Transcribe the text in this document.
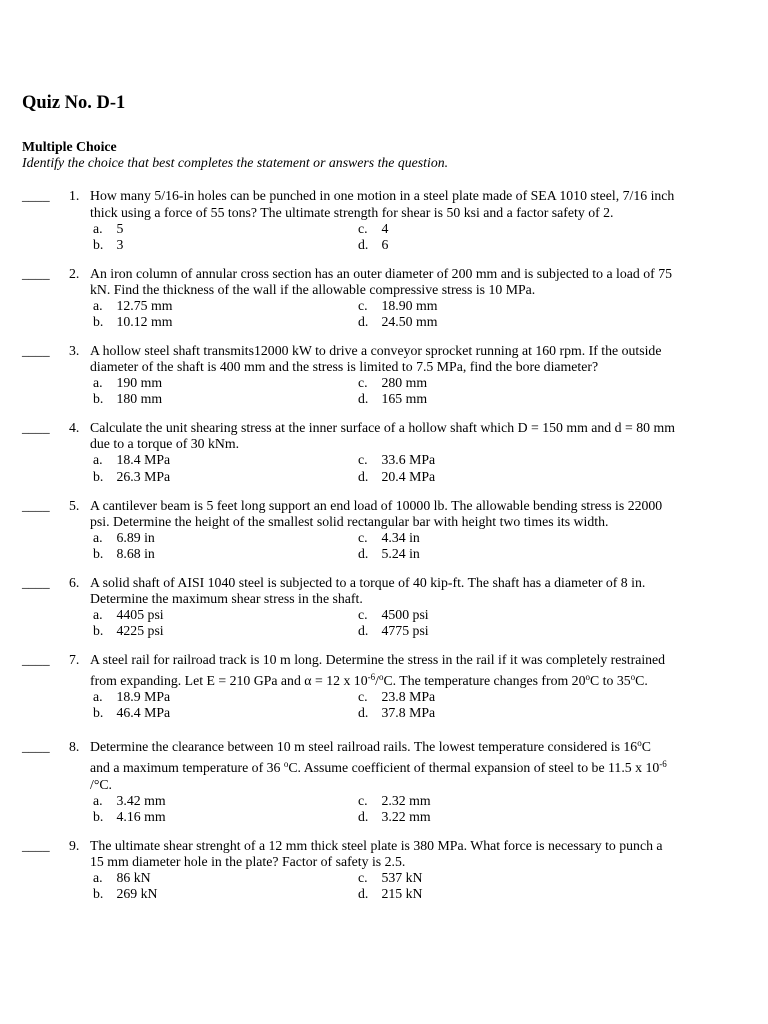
Quiz No. D-1
Multiple Choice
Identify the choice that best completes the statement or answers the question.
____	1. How many 5/16-in holes can be punched in one motion in a steel plate made of SEA 1010 steel, 7/16 inch
thick using a force of 55 tons? The ultimate strength for shear is 50 ksi and a factor safety of 2.
a.	5
b. 3
c.	4
d. 6
____	2. An iron column of annular cross section has an outer diameter of 200 mm and is subjected to a load of 75
kN. Find the thickness of the wall if the allowable compressive stress is 10 MPa.
a.	12.75 mm
b. 10.12 mm
c.	18.90 mm
d. 24.50 mm
____	3. A hollow steel shaft transmits12000 kW to drive a conveyor sprocket running at 160 rpm. If the outside
diameter of the shaft is 400 mm and the stress is limited to 7.5 MPa, find the bore diameter?
a.	190 mm
b. 180 mm
c.	280 mm
d. 165 mm
____	4. Calculate the unit shearing stress at the inner surface of a hollow shaft which D = 150 mm and d = 80 mm
due to a torque of 30 kNm.
a.	18.4 MPa
b. 26.3 MPa
c.	33.6 MPa
d. 20.4 MPa
____	5. A cantilever beam is 5 feet long support an end load of 10000 lb. The allowable bending stress is 22000
psi. Determine the height of the smallest solid rectangular bar with height two times its width.
a.	6.89 in
b. 8.68 in
c.	4.34 in
d. 5.24 in
____	6. A solid shaft of AISI 1040 steel is subjected to a torque of 40 kip-ft. The shaft has a diameter of 8 in.
Determine the maximum shear stress in the shaft.
a.	4405 psi
b. 4225 psi
c.	4500 psi
d. 4775 psi
____	7. A steel rail for railroad track is 10 m long. Determine the stress in the rail if it was completely restrained
from expanding. Let E = 210 GPa and α = 12 x $10^{-6}/^oC$. The temperature changes from 20$^o$C to 35$^o$C.
a.	18.9 MPa
b. 46.4 MPa
c.	23.8 MPa
d. 37.8 MPa
____	8. Determine the clearance between 10 m steel railroad rails. The lowest temperature considered is 16$^o$C
and a maximum temperature of 36 $^o$C. Assume coefficient of thermal expansion of steel to be 11.5 x $10^{-6}$
/°C.
a.	3.42 mm
b. 4.16 mm
c.	2.32 mm
d. 3.22 mm
____	9. The ultimate shear strenght of a 12 mm thick steel plate is 380 MPa. What force is necessary to punch a
15 mm diameter hole in the plate? Factor of safety is 2.5.
a.	86 kN
b. 269 kN
c.	537 kN
d. 215 kN
